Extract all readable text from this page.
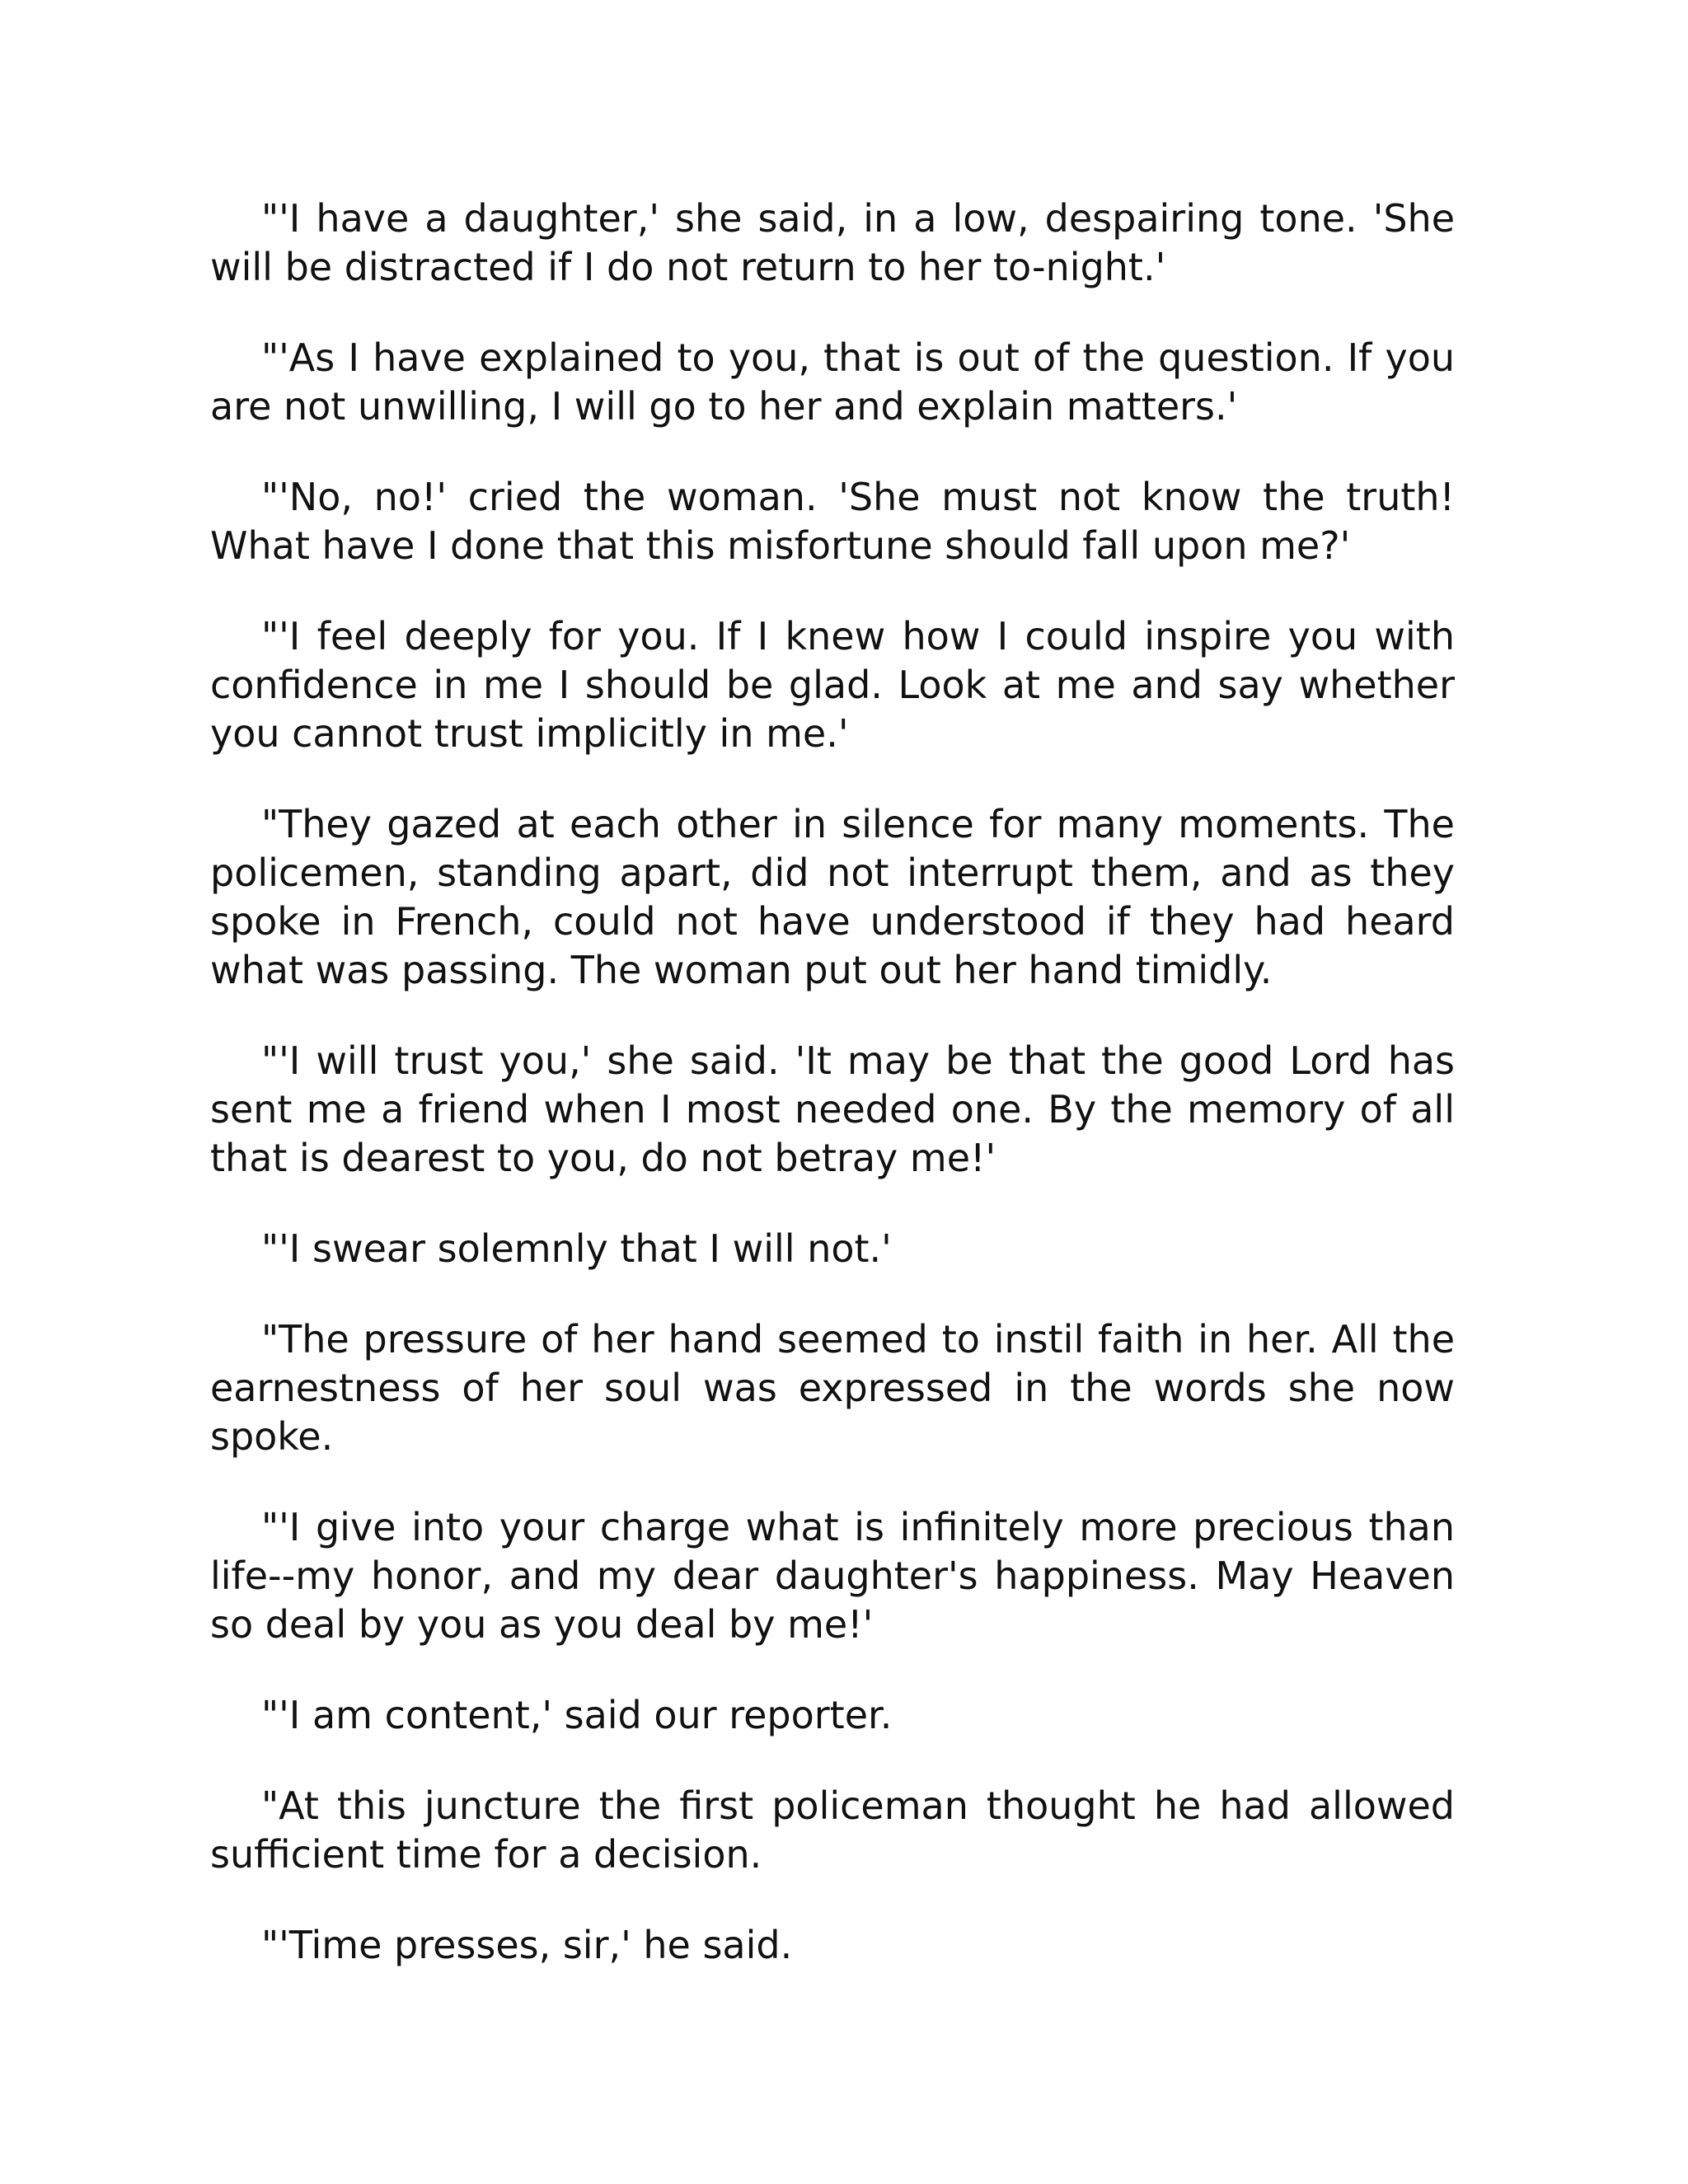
"'I have a daughter,' she said, in a low, despairing tone. 'She will be distracted if I do not return to her to-night.'

"'As I have explained to you, that is out of the question. If you are not unwilling, I will go to her and explain matters.'

"'No, no!' cried the woman. 'She must not know the truth! What have I done that this misfortune should fall upon me?'

"'I feel deeply for you. If I knew how I could inspire you with confidence in me I should be glad. Look at me and say whether you cannot trust implicitly in me.'

"They gazed at each other in silence for many moments. The policemen, standing apart, did not interrupt them, and as they spoke in French, could not have understood if they had heard what was passing. The woman put out her hand timidly.

"'I will trust you,' she said. 'It may be that the good Lord has sent me a friend when I most needed one. By the memory of all that is dearest to you, do not betray me!'

"'I swear solemnly that I will not.'

"The pressure of her hand seemed to instil faith in her. All the earnestness of her soul was expressed in the words she now spoke.

"'I give into your charge what is infinitely more precious than life--my honor, and my dear daughter's happiness. May Heaven so deal by you as you deal by me!'

"'I am content,' said our reporter.

"At this juncture the first policeman thought he had allowed sufficient time for a decision.

"'Time presses, sir,' he said.
